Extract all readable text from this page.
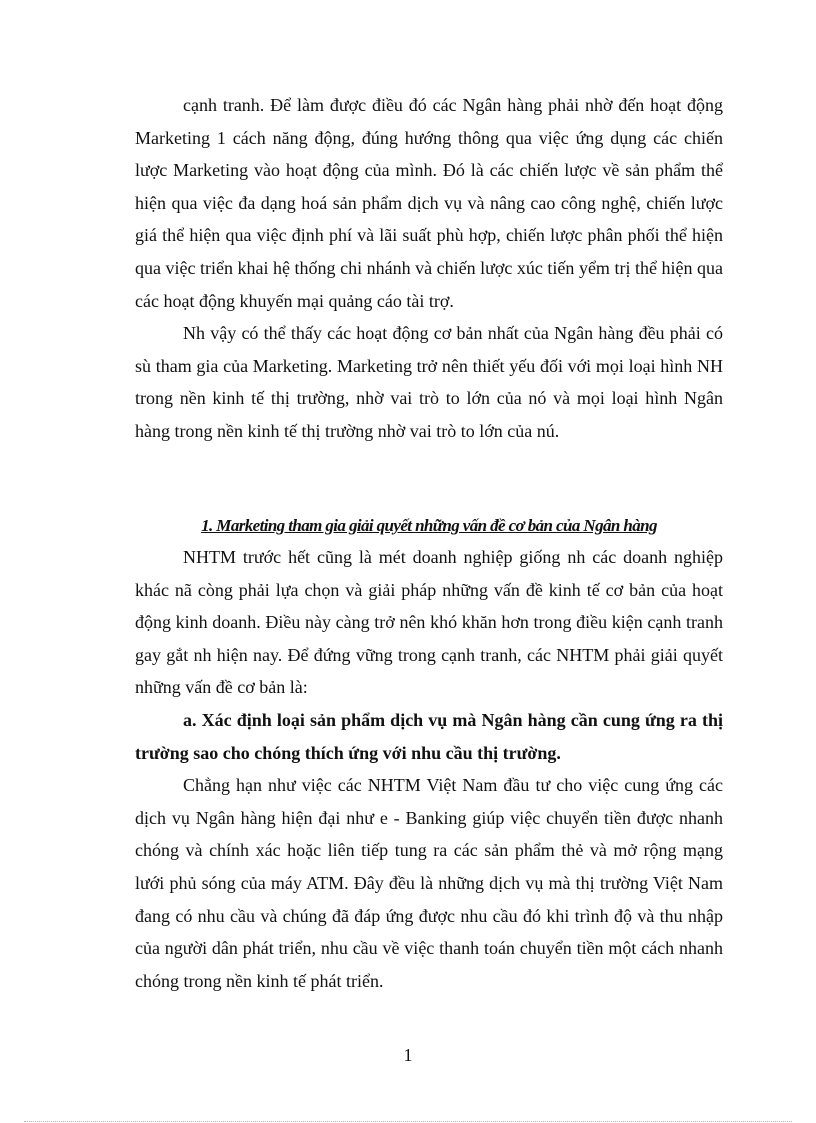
cạnh tranh. Để làm được điều đó các Ngân hàng phải nhờ đến hoạt động Marketing 1 cách năng động, đúng hướng thông qua việc ứng dụng các chiến lược Marketing vào hoạt động của mình. Đó là các chiến lược về sản phẩm thể hiện qua việc đa dạng hoá sản phẩm dịch vụ và nâng cao công nghệ, chiến lược giá thể hiện qua việc định phí và lãi suất phù hợp, chiến lược phân phối thể hiện qua việc triển khai hệ thống chi nhánh và chiến lược xúc tiến yểm trị thể hiện qua các hoạt động khuyến mại quảng cáo tài trợ.

Nh vậy có thể thấy các hoạt động cơ bản nhất của Ngân hàng đều phải có sù tham gia của Marketing. Marketing trở nên thiết yếu đối với mọi loại hình NH trong nền kinh tế thị trường, nhờ vai trò to lớn của nó và mọi loại hình Ngân hàng trong nền kinh tế thị trường nhờ vai trò to lớn của nú.

1. Marketing tham gia giải quyết những vấn đề cơ bản của Ngân hàng

NHTM trước hết cũng là mét doanh nghiệp giống nh các doanh nghiệp khác nã còng phải lựa chọn và giải pháp những vấn đề kinh tế cơ bản của hoạt động kinh doanh. Điều này càng trở nên khó khăn hơn trong điều kiện cạnh tranh gay gắt nh hiện nay. Để đứng vững trong cạnh tranh, các NHTM phải giải quyết những vấn đề cơ bản là:

a. Xác định loại sản phẩm dịch vụ mà Ngân hàng cần cung ứng ra thị trường sao cho chóng thích ứng với nhu cầu thị trường.

Chẳng hạn như việc các NHTM Việt Nam đầu tư cho việc cung ứng các dịch vụ Ngân hàng hiện đại như e - Banking giúp việc chuyển tiền được nhanh chóng và chính xác hoặc liên tiếp tung ra các sản phẩm thẻ và mở rộng mạng lưới phủ sóng của máy ATM. Đây đều là những dịch vụ mà thị trường Việt Nam đang có nhu cầu và chúng đã đáp ứng được nhu cầu đó khi trình độ và thu nhập của người dân phát triển, nhu cầu về việc thanh toán chuyển tiền một cách nhanh chóng trong nền kinh tế phát triển.

1
